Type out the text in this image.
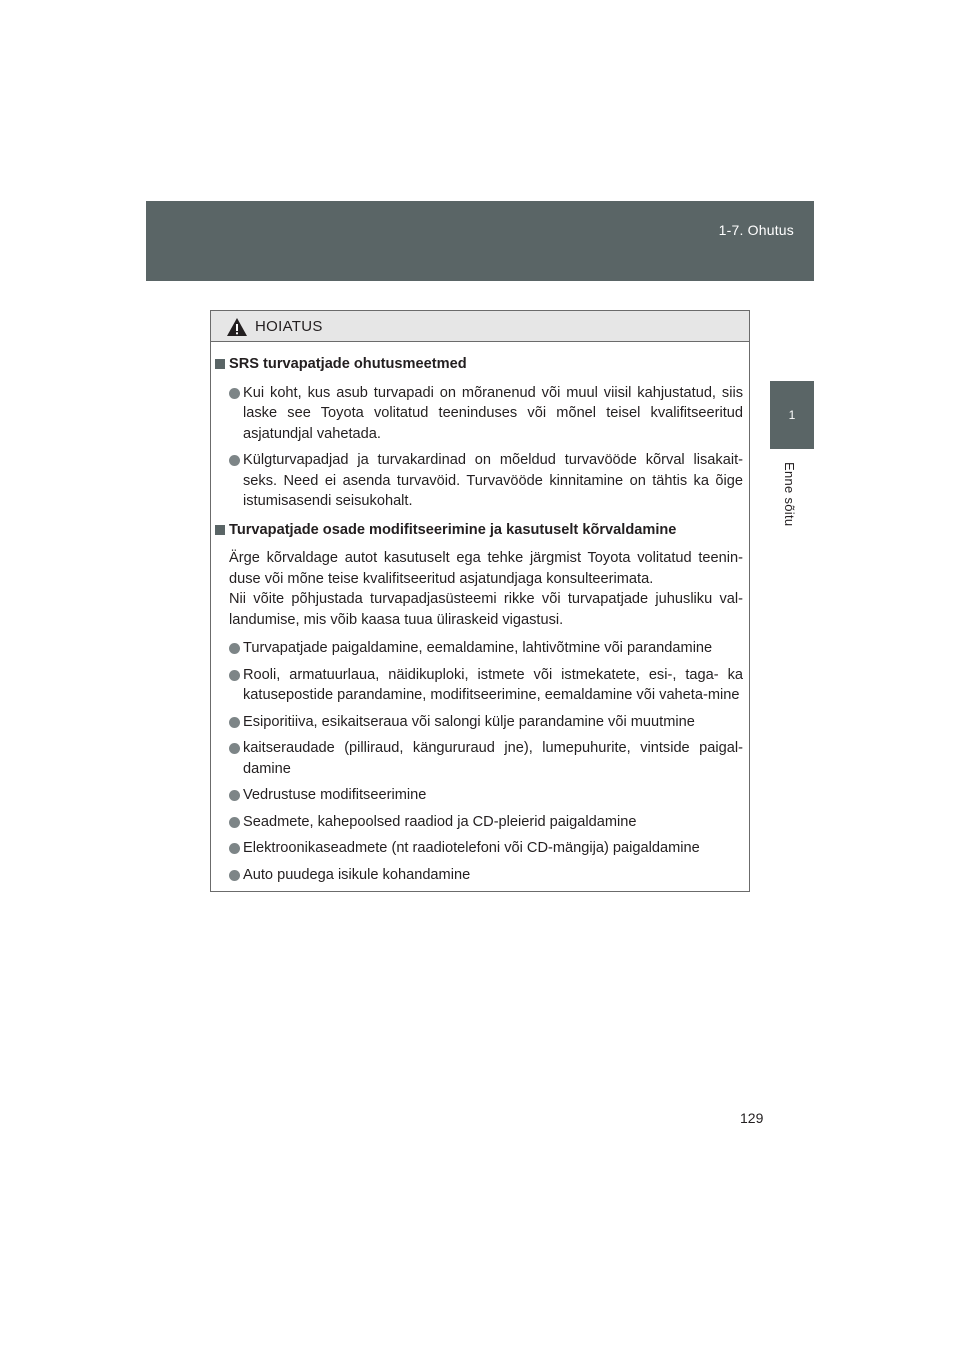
1-7. Ohutus
1
Enne sõitu
HOIATUS
SRS turvapatjade ohutusmeetmed
Kui koht, kus asub turvapadi on mõranenud või muul viisil kahjustatud, siis laske see Toyota volitatud teeninduses või mõnel teisel kvalifitseeritud asjatundjal vahetada.
Külgturvapadjad ja turvakardinad on mõeldud turvavööde kõrval lisakait-seks. Need ei asenda turvavöid. Turvavööde kinnitamine on tähtis ka õige istumisasendi seisukohalt.
Turvapatjade osade modifitseerimine ja kasutuselt kõrvaldamine
Ärge kõrvaldage autot kasutuselt ega tehke järgmist Toyota volitatud teenin-duse või mõne teise kvalifitseeritud asjatundjaga konsulteerimata.
Nii võite põhjustada turvapadjasüsteemi rikke või turvapatjade juhusliku val-landumise, mis võib kaasa tuua üliraskeid vigastusi.
Turvapatjade paigaldamine, eemaldamine, lahtivõtmine või parandamine
Rooli, armatuurlaua, näidikuploki, istmete või istmekatete, esi-, taga- ka katusepostide parandamine, modifitseerimine, eemaldamine või vaheta-mine
Esiporitiiva, esikaitseraua või salongi külje parandamine või muutmine
kaitseraudade (pilliraud, kängururaud jne), lumepuhurite, vintside paigal-damine
Vedrustuse modifitseerimine
Seadmete, kahepoolsed raadiod ja CD-pleierid paigaldamine
Elektroonikaseadmete (nt raadiotelefoni või CD-mängija) paigaldamine
Auto puudega isikule kohandamine
129
